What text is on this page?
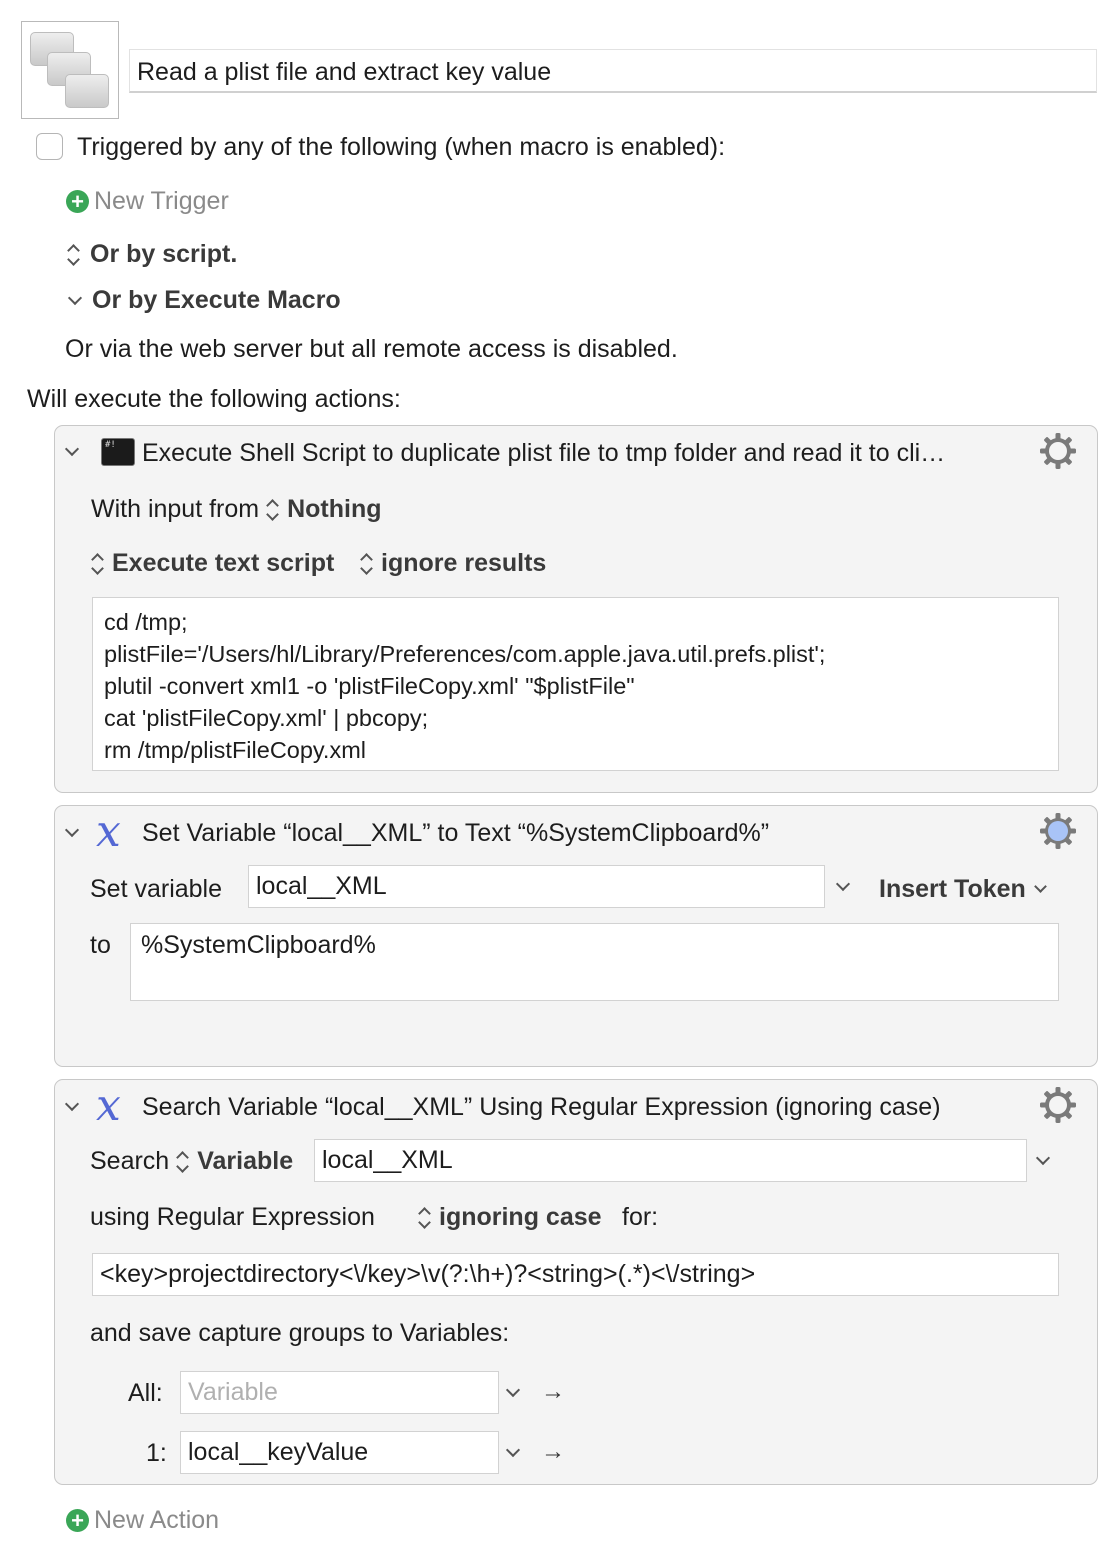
Read a plist file and extract key value
Triggered by any of the following (when macro is enabled):
+ New Trigger
Or by script.
Or by Execute Macro
Or via the web server but all remote access is disabled.
Will execute the following actions:
#!
Execute Shell Script to duplicate plist file to tmp folder and read it to cli…
With input from Nothing
Execute text script ignore results
cd /tmp;
plistFile='/Users/hl/Library/Preferences/com.apple.java.util.prefs.plist';
plutil -convert xml1 -o 'plistFileCopy.xml' "$plistFile"
cat 'plistFileCopy.xml' | pbcopy;
rm /tmp/plistFileCopy.xml
x Set Variable “local__XML” to Text “%SystemClipboard%”
Set variable	local__XML	Insert Token
to	%SystemClipboard%
x Search Variable “local__XML” Using Regular Expression (ignoring case)
Search Variable	local__XML
using Regular Expression	ignoring case for:
<key>projectdirectory<\/key>\v(?:\h+)?<string>(.*)<\/string>
and save capture groups to Variables:
All:	Variable	→
1: local__keyValue	→
+ New Action
